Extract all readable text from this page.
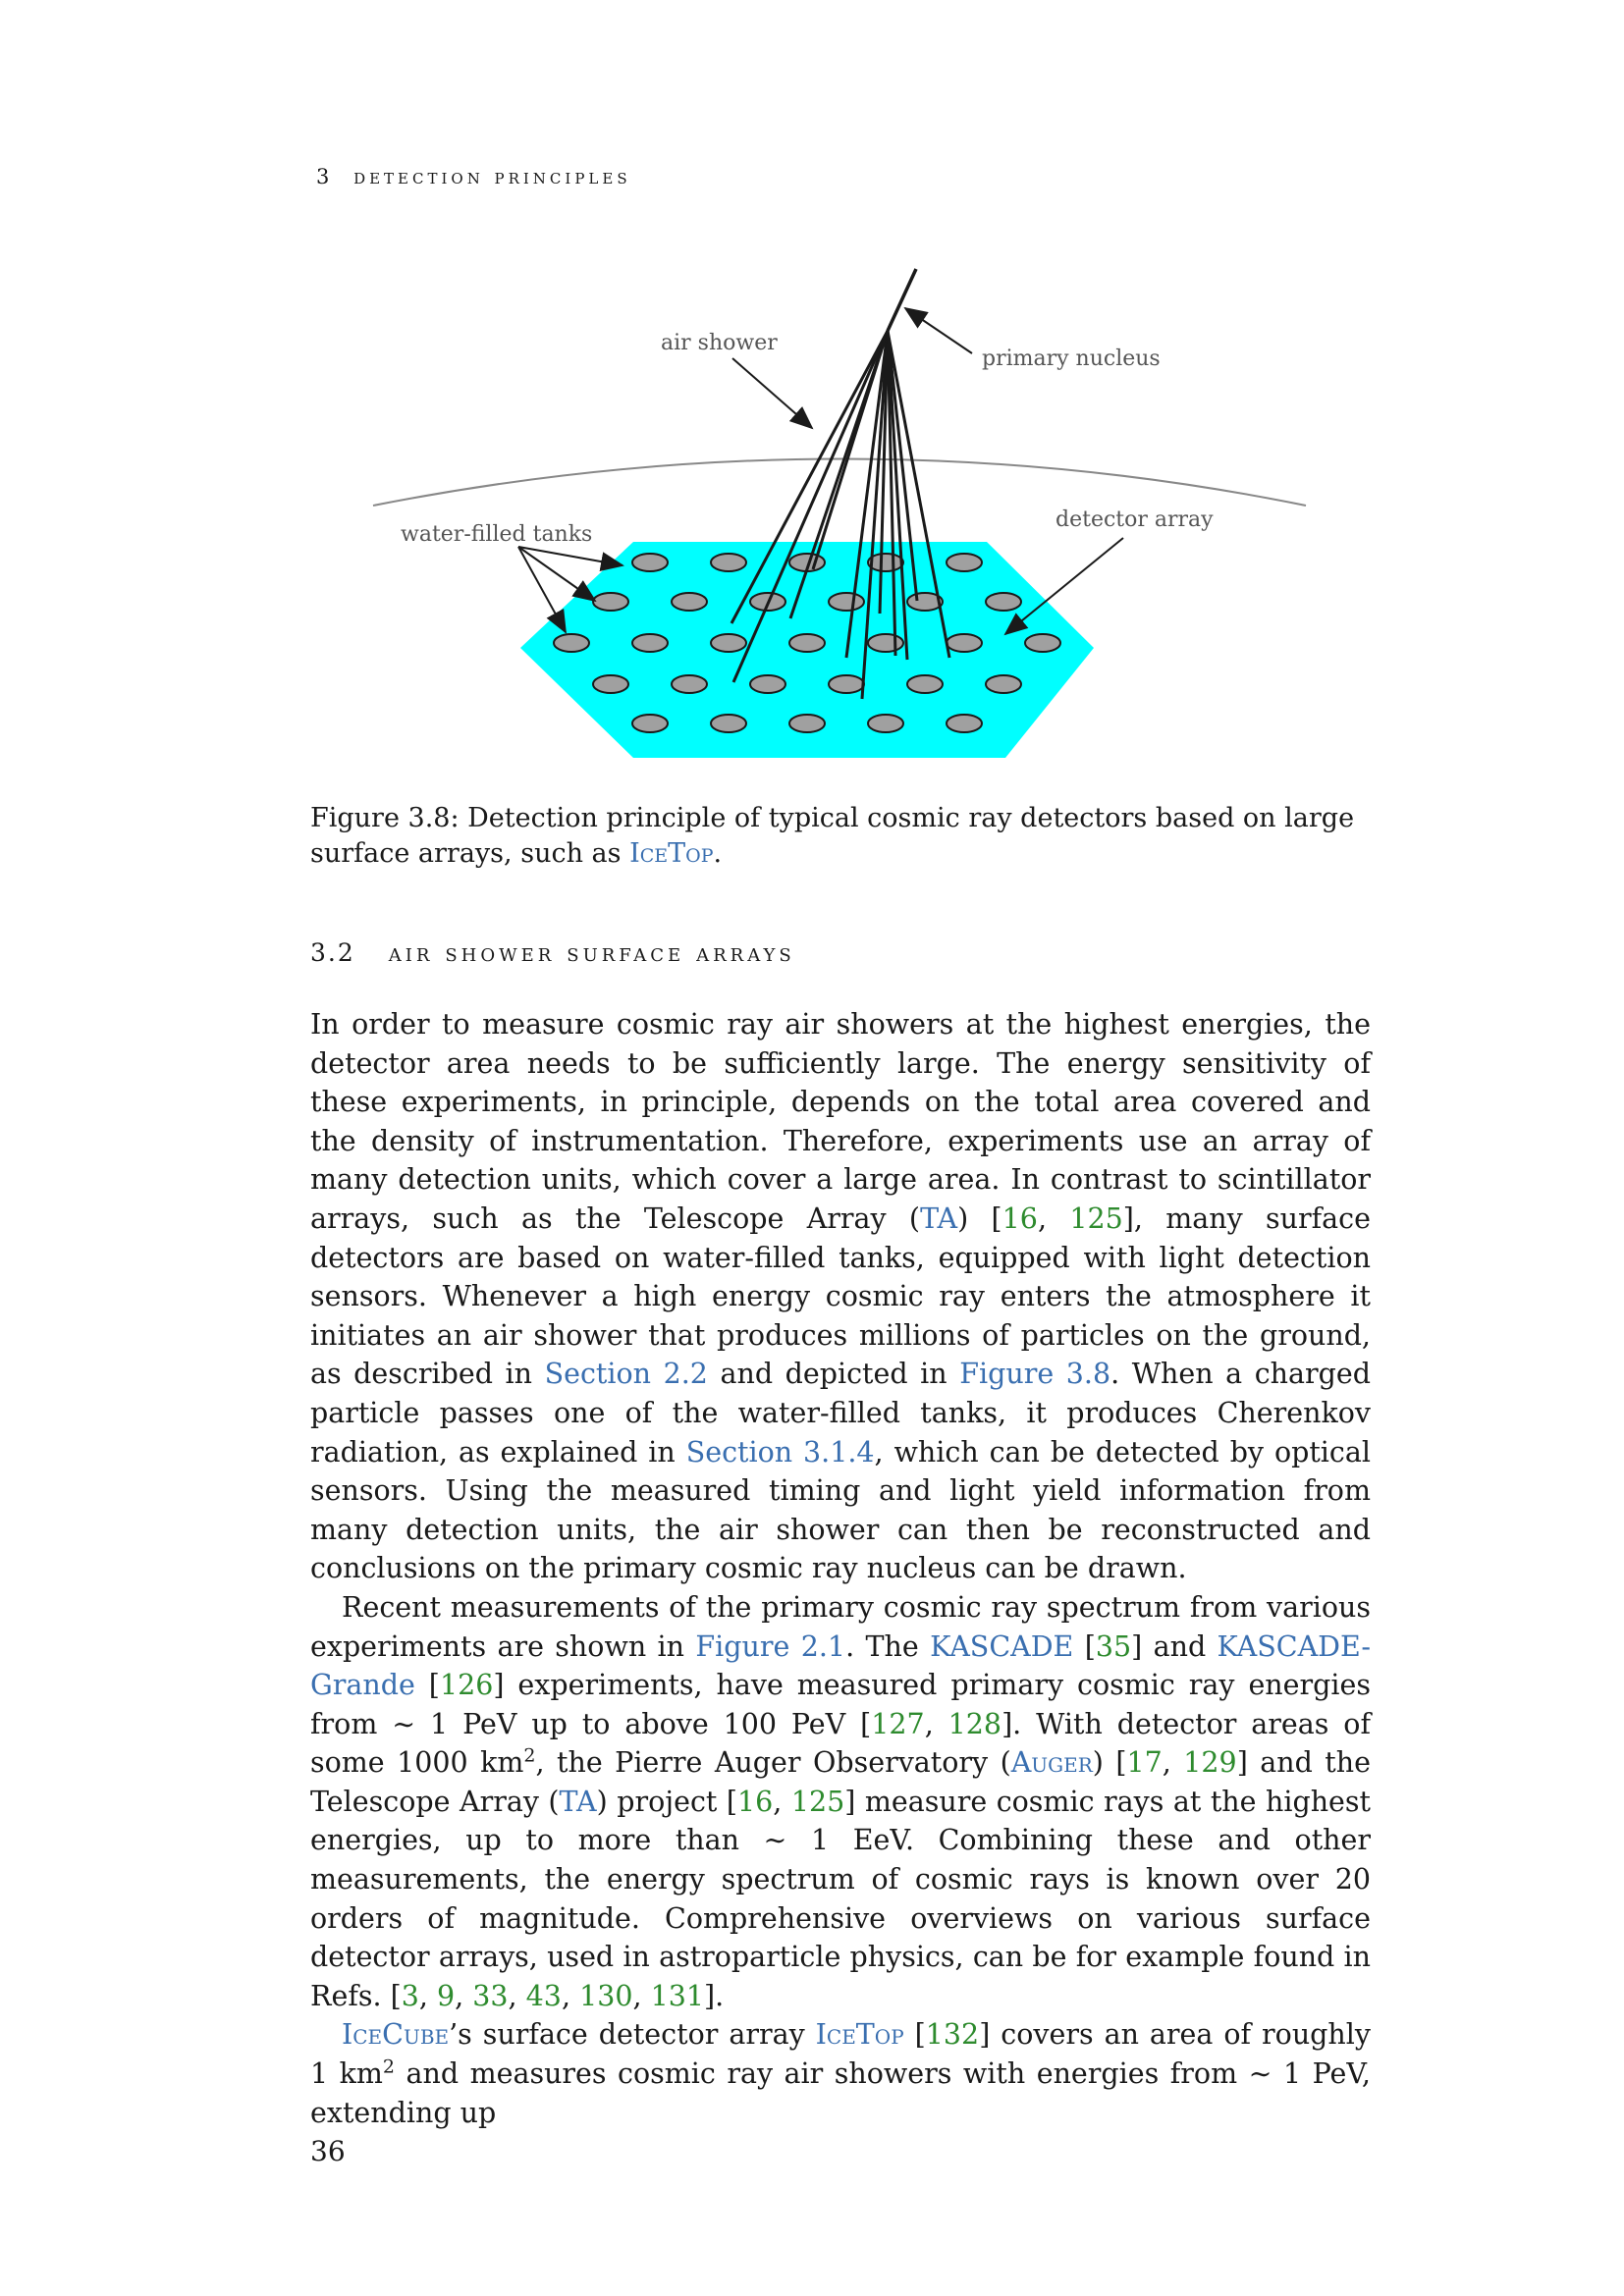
3 detection principles
air shower
primary nucleus
water-filled tanks
detector array
Figure 3.8: Detection principle of typical cosmic ray detectors based on large surface arrays, such as IceTop.
3.2 air shower surface arrays

In order to measure cosmic ray air showers at the highest energies, the detector area needs to be sufficiently large. The energy sensitivity of these experiments, in principle, depends on the total area covered and the density of instrumentation. Therefore, experiments use an array of many detection units, which cover a large area. In contrast to scintillator arrays, such as the Telescope Array (TA) [16, 125], many surface detectors are based on water-filled tanks, equipped with light detection sensors. Whenever a high energy cosmic ray enters the atmosphere it initiates an air shower that produces millions of particles on the ground, as described in Section 2.2 and depicted in Figure 3.8. When a charged particle passes one of the water-filled tanks, it produces Cherenkov radiation, as explained in Section 3.1.4, which can be detected by optical sensors. Using the measured timing and light yield information from many detection units, the air shower can then be reconstructed and conclusions on the primary cosmic ray nucleus can be drawn.

Recent measurements of the primary cosmic ray spectrum from various experiments are shown in Figure 2.1. The KASCADE [35] and KASCADE-Grande [126] experiments, have measured primary cosmic ray energies from ∼ 1 PeV up to above 100 PeV [127, 128]. With detector areas of some 1000 $km^2$, the Pierre Auger Observatory (Auger) [17, 129] and the Telescope Array (TA) project [16, 125] measure cosmic rays at the highest energies, up to more than ∼ 1 EeV. Combining these and other measurements, the energy spectrum of cosmic rays is known over 20 orders of magnitude. Comprehensive overviews on various surface detector arrays, used in astroparticle physics, can be for example found in Refs. [3, 9, 33, 43, 130, 131].

IceCube’s surface detector array IceTop [132] covers an area of roughly 1 $km^2$ and measures cosmic ray air showers with energies from ∼ 1 PeV, extending up

36
